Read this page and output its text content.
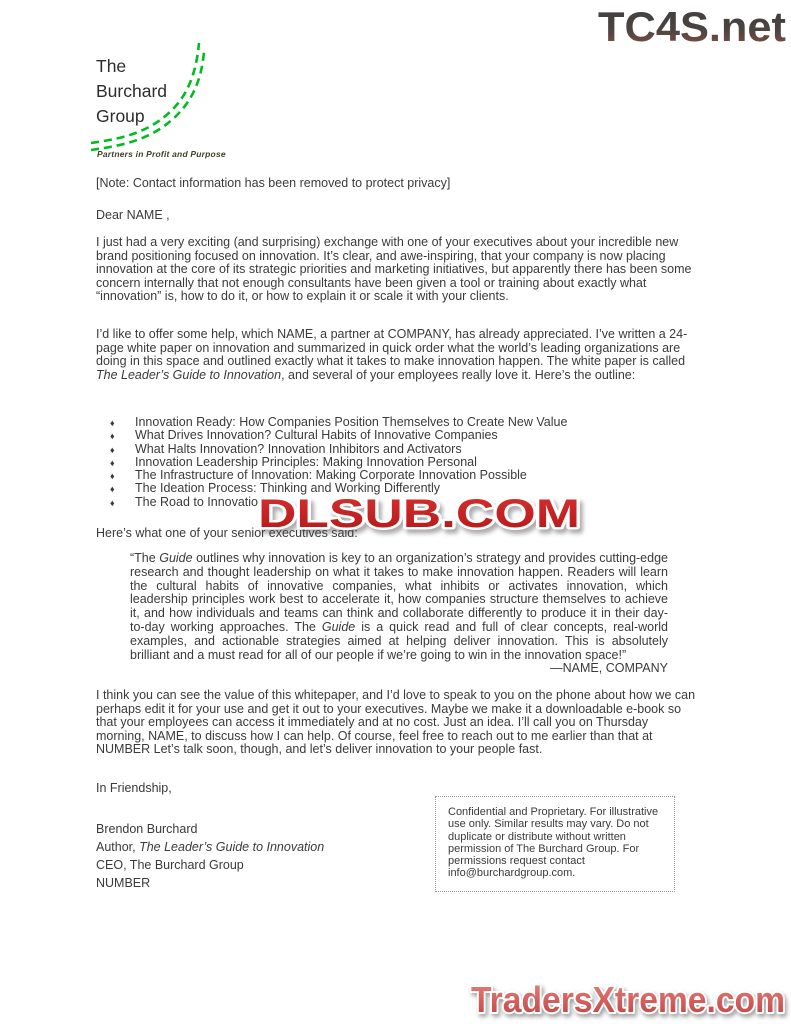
TC4S.net
The
Burchard
Group
Partners in Profit and Purpose
[Note: Contact information has been removed to protect privacy]
Dear NAME ,
I just had a very exciting (and surprising) exchange with one of your executives about your incredible new brand positioning focused on innovation. It’s clear, and awe-inspiring, that your company is now placing innovation at the core of its strategic priorities and marketing initiatives, but apparently there has been some concern internally that not enough consultants have been given a tool or training about exactly what “innovation” is, how to do it, or how to explain it or scale it with your clients.
I’d like to offer some help, which NAME, a partner at COMPANY, has already appreciated. I’ve written a 24-page white paper on innovation and summarized in quick order what the world’s leading organizations are doing in this space and outlined exactly what it takes to make innovation happen. The white paper is called The Leader’s Guide to Innovation, and several of your employees really love it. Here’s the outline:
♦ Innovation Ready: How Companies Position Themselves to Create New Value
♦ What Drives Innovation? Cultural Habits of Innovative Companies
♦ What Halts Innovation? Innovation Inhibitors and Activators
♦ Innovation Leadership Principles: Making Innovation Personal
♦ The Infrastructure of Innovation: Making Corporate Innovation Possible
♦ The Ideation Process: Thinking and Working Differently
♦ The Road to Innovation
Here’s what one of your senior executives said:
“The Guide outlines why innovation is key to an organization’s strategy and provides cutting-edge research and thought leadership on what it takes to make innovation happen. Readers will learn the cultural habits of innovative companies, what inhibits or activates innovation, which leadership principles work best to accelerate it, how companies structure themselves to achieve it, and how individuals and teams can think and collaborate differently to produce it in their day-to-day working approaches. The Guide is a quick read and full of clear concepts, real-world examples, and actionable strategies aimed at helping deliver innovation. This is absolutely brilliant and a must read for all of our people if we’re going to win in the innovation space!”
—NAME, COMPANY
I think you can see the value of this whitepaper, and I’d love to speak to you on the phone about how we can perhaps edit it for your use and get it out to your executives. Maybe we make it a downloadable e-book so that your employees can access it immediately and at no cost. Just an idea. I’ll call you on Thursday morning, NAME, to discuss how I can help. Of course, feel free to reach out to me earlier than that at NUMBER Let’s talk soon, though, and let’s deliver innovation to your people fast.
In Friendship,
Brendon Burchard
Author, The Leader’s Guide to Innovation
CEO, The Burchard Group
NUMBER
Confidential and Proprietary. For illustrative use only. Similar results may vary. Do not duplicate or distribute without written permission of The Burchard Group. For permissions request contact info@burchardgroup.com.
DLSUB.COM
TradersXtreme.com
